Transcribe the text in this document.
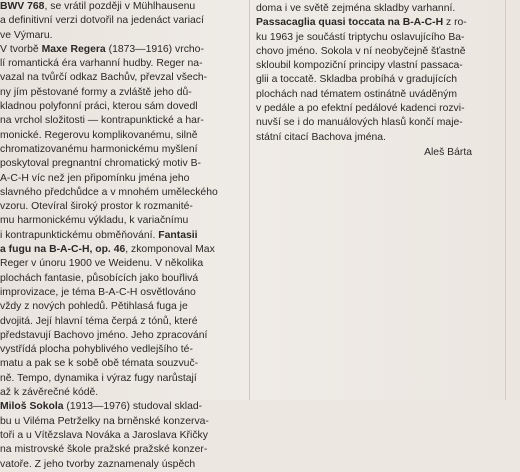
BWV 768, se vrátil později v Mühlhausenu
a definitivní verzi dotvořil na jedenáct variací
ve Výmaru.
V tvorbě Maxe Regera (1873—1916) vrcho-
lí romantická éra varhanní hudby. Reger na-
vazal na tvůrčí odkaz Bachův, převzal všech-
ny jím pěstované formy a zvláště jeho dů-
kladnou polyfonní práci, kterou sám dovedl
na vrchol složitosti — kontrapunktické a har-
monické. Regerovu komplikovanému, silně
chromatizovanému harmonickému myšlení
poskytoval pregnantní chromatický motiv B-
A-C-H víc než jen připomínku jména jeho
slavného předchůdce a v mnohém uměleckého
vzoru. Otevíral široký prostor k rozmanité-
mu harmonickému výkladu, k variačnímu
i kontrapunktickému obměňování. Fantasii
a fugu na B-A-C-H, op. 46, zkomponoval Max
Reger v únoru 1900 ve Weidenu. V několika
plochách fantasie, působících jako bouřlivá
improvizace, je téma B-A-C-H osvětlováno
vždy z nových pohledů. Pětihlasá fuga je
dvojitá. Její hlavní téma čerpá z tónů, které
představují Bachovo jméno. Jeho zpracování
vystřídá plocha pohyblivého vedlejšího té-
matu a pak se k sobě obě témata souzvuč-
ně. Tempo, dynamika i výraz fugy narůstají
až k závěrečné kódě.
Miloš Sokola (1913—1976) studoval sklad-
bu u Viléma Petrželky na brněnské konzerva-
toři a u Vítězslava Nováka a Jaroslava Křičky
na mistrovské škole pražské pražské konzer-
vatoře. Z jeho tvorby zaznamenaly úspěch
doma i ve světě zejména skladby varhanní.
Passacaglia quasi toccata na B-A-C-H z ro-
ku 1963 je součástí triptychu oslavujícího Ba-
chovo jméno. Sokola v ní neobyčejně šťastně
skloubil kompoziční principy vlastní passaca-
glii a toccatě. Skladba probíhá v gradujících
plochách nad tématem ostinátně uváděným
v pedále a po efektní pedálové kadenci rozvi-
nuvší se i do manuálových hlasů končí maje-
státní citací Bachova jména.
Aleš Bárta
